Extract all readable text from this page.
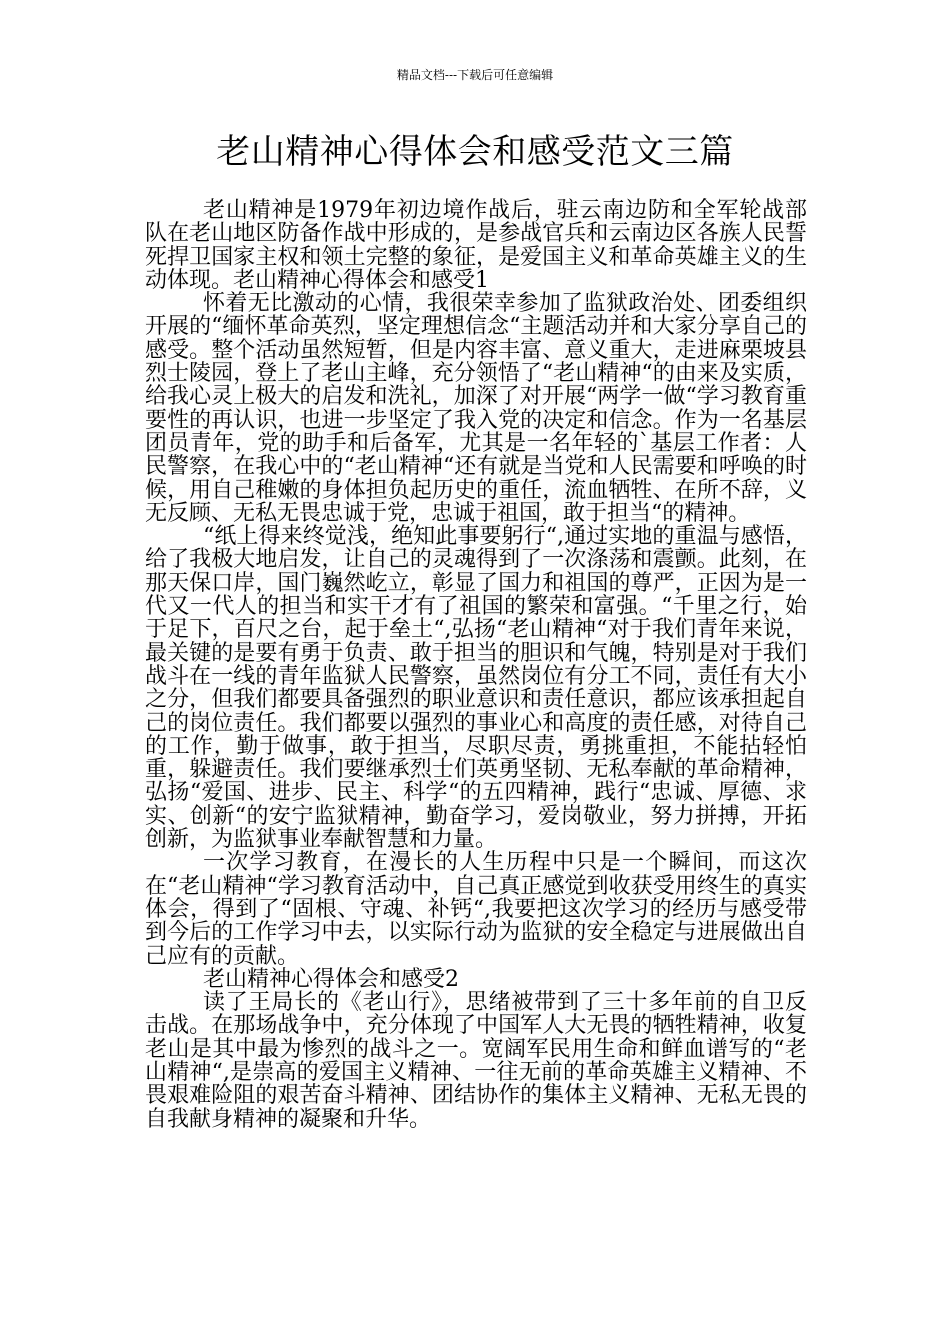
精品文档---下载后可任意编辑
老山精神心得体会和感受范文三篇

老山精神是1979年初边境作战后，驻云南边防和全军轮战部队在老山地区防备作战中形成的，是参战官兵和云南边区各族人民誓死捍卫国家主权和领土完整的象征，是爱国主义和革命英雄主义的生动体现。老山精神心得体会和感受1

怀着无比激动的心情，我很荣幸参加了监狱政治处、团委组织开展的“缅怀革命英烈，坚定理想信念“主题活动并和大家分享自己的感受。整个活动虽然短暂，但是内容丰富、意义重大，走进麻栗坡县烈士陵园，登上了老山主峰，充分领悟了“老山精神“的由来及实质，给我心灵上极大的启发和洗礼，加深了对开展“两学一做“学习教育重要性的再认识，也进一步坚定了我入党的决定和信念。作为一名基层团员青年，党的助手和后备军，尤其是一名年轻的`基层工作者：人民警察，在我心中的“老山精神“还有就是当党和人民需要和呼唤的时候，用自己稚嫩的身体担负起历史的重任，流血牺牲、在所不辞，义无反顾、无私无畏忠诚于党，忠诚于祖国，敢于担当“的精神。

“纸上得来终觉浅，绝知此事要躬行“,通过实地的重温与感悟，给了我极大地启发，让自己的灵魂得到了一次涤荡和震颤。此刻，在那天保口岸，国门巍然屹立，彰显了国力和祖国的尊严，正因为是一代又一代人的担当和实干才有了祖国的繁荣和富强。“千里之行，始于足下，百尺之台，起于垒土“,弘扬“老山精神“对于我们青年来说，最关键的是要有勇于负责、敢于担当的胆识和气魄，特别是对于我们战斗在一线的青年监狱人民警察，虽然岗位有分工不同，责任有大小之分，但我们都要具备强烈的职业意识和责任意识，都应该承担起自己的岗位责任。我们都要以强烈的事业心和高度的责任感，对待自己的工作，勤于做事，敢于担当，尽职尽责，勇挑重担，不能拈轻怕重，躲避责任。我们要继承烈士们英勇坚韧、无私奉献的革命精神，弘扬“爱国、进步、民主、科学“的五四精神，践行“忠诚、厚德、求实、创新“的安宁监狱精神，勤奋学习，爱岗敬业，努力拼搏，开拓创新，为监狱事业奉献智慧和力量。

一次学习教育，在漫长的人生历程中只是一个瞬间，而这次在“老山精神“学习教育活动中，自己真正感觉到收获受用终生的真实体会，得到了“固根、守魂、补钙“,我要把这次学习的经历与感受带到今后的工作学习中去，以实际行动为监狱的安全稳定与进展做出自己应有的贡献。

老山精神心得体会和感受2

读了王局长的《老山行》，思绪被带到了三十多年前的自卫反击战。在那场战争中，充分体现了中国军人大无畏的牺牲精神，收复老山是其中最为惨烈的战斗之一。宽阔军民用生命和鲜血谱写的“老山精神“,是崇高的爱国主义精神、一往无前的革命英雄主义精神、不畏艰难险阻的艰苦奋斗精神、团结协作的集体主义精神、无私无畏的自我献身精神的凝聚和升华。
